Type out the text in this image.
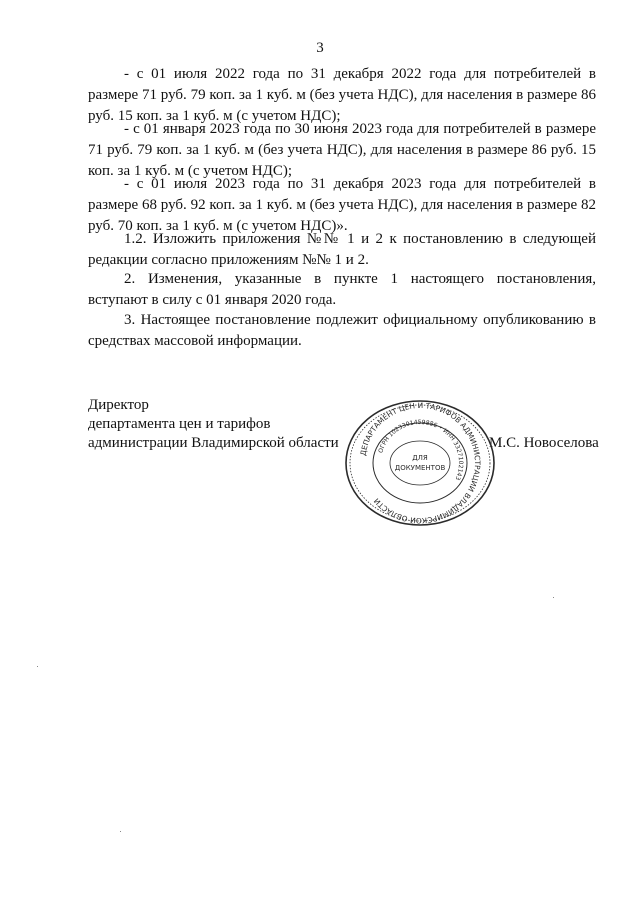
3

- с 01 июля 2022 года по 31 декабря 2022 года для потребителей в размере 71 руб. 79 коп. за 1 куб. м (без учета НДС), для населения в размере 86 руб. 15 коп. за 1 куб. м (с учетом НДС);

- с 01 января 2023 года по 30 июня 2023 года для потребителей в размере 71 руб. 79 коп. за 1 куб. м (без учета НДС), для населения в размере 86 руб. 15 коп. за 1 куб. м (с учетом НДС);

- с 01 июля 2023 года по 31 декабря 2023 года для потребителей в размере 68 руб. 92 коп. за 1 куб. м (без учета НДС), для населения в размере 82 руб. 70 коп. за 1 куб. м (с учетом НДС)».

1.2. Изложить приложения №№ 1 и 2 к постановлению в следующей редакции согласно приложениям №№ 1 и 2.

2. Изменения, указанные в пункте 1 настоящего постановления, вступают в силу с 01 января 2020 года.

3. Настоящее постановление подлежит официальному опубликованию в средствах массовой информации.

Директор
департамента цен и тарифов
администрации Владимирской области	М.С. Новоселова
ДЕПАРТАМЕНТ ЦЕН И ТАРИФОВ АДМИНИСТРАЦИИ ВЛАДИМИРСКОЙ ОБЛАСТИ
ОГРН 1023301459886 • ИНН 3327102143
ДЛЯ
ДОКУМЕНТОВ
